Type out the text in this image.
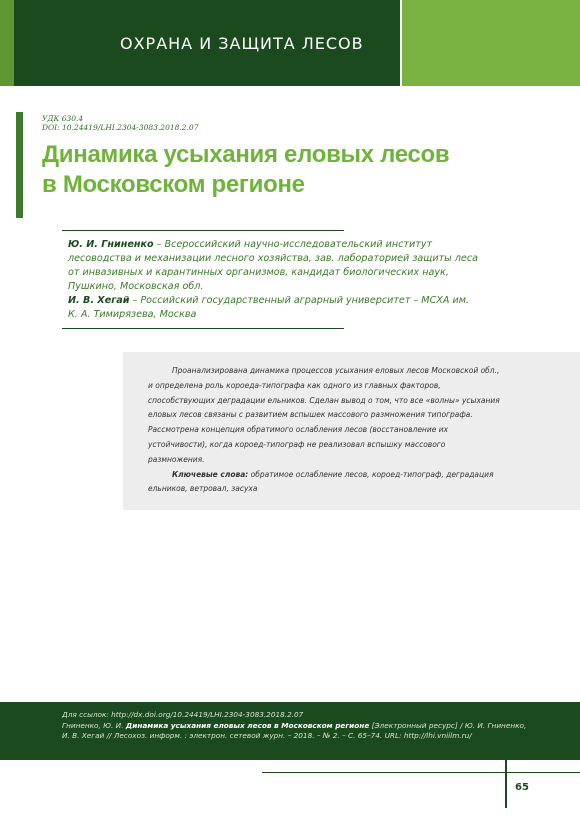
ОХРАНА И ЗАЩИТА ЛЕСОВ
УДК 630.4
DOI: 10.24419/LHI.2304-3083.2018.2.07
Динамика усыхания еловых лесов
в Московском регионе

Ю. И. Гниненко – Всероссийский научно-исследовательский институт лесоводства и механизации лесного хозяйства, зав. лабораторией защиты леса от инвазивных и карантинных организмов, кандидат биологических наук, Пушкино, Московская обл.

И. В. Хегай – Российский государственный аграрный университет – МСХА им. К. А. Тимирязева, Москва

Проанализирована динамика процессов усыхания еловых лесов Московской обл., и определена роль короеда-типографа как одного из главных факторов, способствующих деградации ельников. Сделан вывод о том, что все «волны» усыхания еловых лесов связаны с развитием вспышек массового размножения типографа. Рассмотрена концепция обратимого ослабления лесов (восстановление их устойчивости), когда короед-типограф не реализовал вспышку массового размножения.

Ключевые слова: обратимое ослабление лесов, короед-типограф, деградация ельников, ветровал, засуха

Для ссылок: http://dx.doi.org/10.24419/LHI.2304-3083.2018.2.07

Гниненко, Ю. И. Динамика усыхания еловых лесов в Московском регионе [Электронный ресурс] / Ю. И. Гниненко, И. В. Хегай // Лесохоз. информ. : электрон. сетевой журн. – 2018. – № 2. – С. 65–74. URL: http://lhi.vniilm.ru/

65
